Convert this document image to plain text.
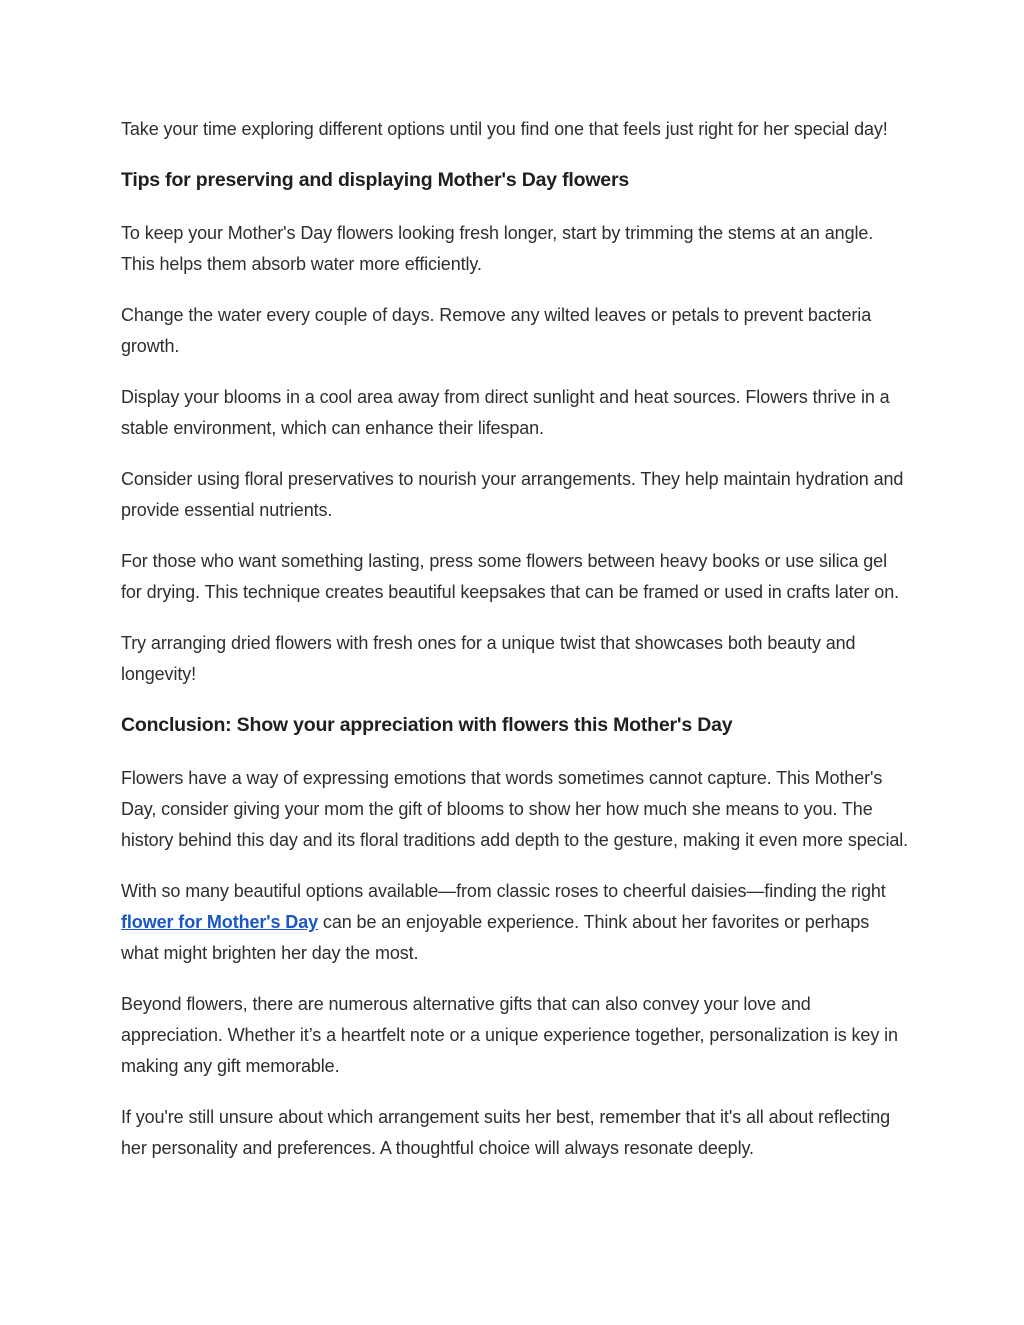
Take your time exploring different options until you find one that feels just right for her special day!

Tips for preserving and displaying Mother's Day flowers

To keep your Mother's Day flowers looking fresh longer, start by trimming the stems at an angle. This helps them absorb water more efficiently.

Change the water every couple of days. Remove any wilted leaves or petals to prevent bacteria growth.

Display your blooms in a cool area away from direct sunlight and heat sources. Flowers thrive in a stable environment, which can enhance their lifespan.

Consider using floral preservatives to nourish your arrangements. They help maintain hydration and provide essential nutrients.

For those who want something lasting, press some flowers between heavy books or use silica gel for drying. This technique creates beautiful keepsakes that can be framed or used in crafts later on.

Try arranging dried flowers with fresh ones for a unique twist that showcases both beauty and longevity!

Conclusion: Show your appreciation with flowers this Mother's Day

Flowers have a way of expressing emotions that words sometimes cannot capture. This Mother's Day, consider giving your mom the gift of blooms to show her how much she means to you. The history behind this day and its floral traditions add depth to the gesture, making it even more special.

With so many beautiful options available—from classic roses to cheerful daisies—finding the right flower for Mother's Day can be an enjoyable experience. Think about her favorites or perhaps what might brighten her day the most.

Beyond flowers, there are numerous alternative gifts that can also convey your love and appreciation. Whether it’s a heartfelt note or a unique experience together, personalization is key in making any gift memorable.

If you're still unsure about which arrangement suits her best, remember that it's all about reflecting her personality and preferences. A thoughtful choice will always resonate deeply.
